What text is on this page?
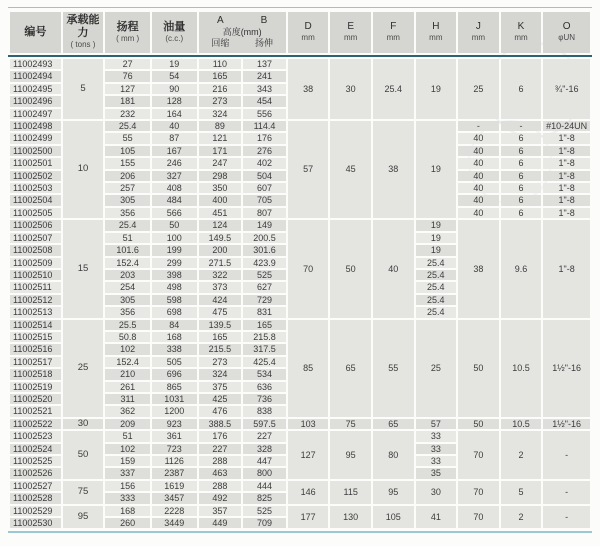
编号

承载能力
( tons )

扬程
( mm )

油量
(c.c.)

A	B
高度(mm)
回缩	扬伸

D
mm

E
mm

F
mm

H
mm

J
mm

K
mm

O
φUN
11002493	5	27	19	110	137	38	30	25.4	19	25	6	¾"-16
11002494		76	54	165	241							
11002495		127	90	216	343							
11002496		181	128	273	454							
11002497		232	164	324	556							
11002498	10	25.4	40	89	114.4	57	45	38	19	-	-	#10-24UN
11002499		55	87	121	176					40	6	1"-8
11002500		105	167	171	276					40	6	1"-8
11002501		155	246	247	402					40	6	1"-8
11002502		206	327	298	504					40	6	1"-8
11002503		257	408	350	607					40	6	1"-8
11002504		305	484	400	705					40	6	1"-8
11002505		356	566	451	807					40	6	1"-8
11002506	15	25.4	50	124	149	70	50	40	19	38	9.6	1"-8
11002507		51	100	149.5	200.5				19			
11002508		101.6	199	200	301.6				19			
11002509		152.4	299	271.5	423.9				25.4			
11002510		203	398	322	525				25.4			
11002511		254	498	373	627				25.4			
11002512		305	598	424	729				25.4			
11002513		356	698	475	831				25.4			
11002514	25	25.5	84	139.5	165	85	65	55	25	50	10.5	1½"-16
11002515		50.8	168	165	215.8							
11002516		102	338	215.5	317.5							
11002517		152.4	505	273	425.4							
11002518		210	696	324	534							
11002519		261	865	375	636							
11002520		311	1031	425	736							
11002521		362	1200	476	838							
11002522	30	209	923	388.5	597.5	103	75	65	57	50	10.5	1½"-16
11002523	50	51	361	176	227	127	95	80	33	70	2	-
11002524		102	723	227	328				33			
11002525		159	1126	288	447				33			
11002526		337	2387	463	800				35			
11002527	75	156	1619	288	444	146	115	95	30	70	5	-
11002528		333	3457	492	825							
11002529	95	168	2228	357	525	177	130	105	41	70	2	-
11002530		260	3449	449	709							
